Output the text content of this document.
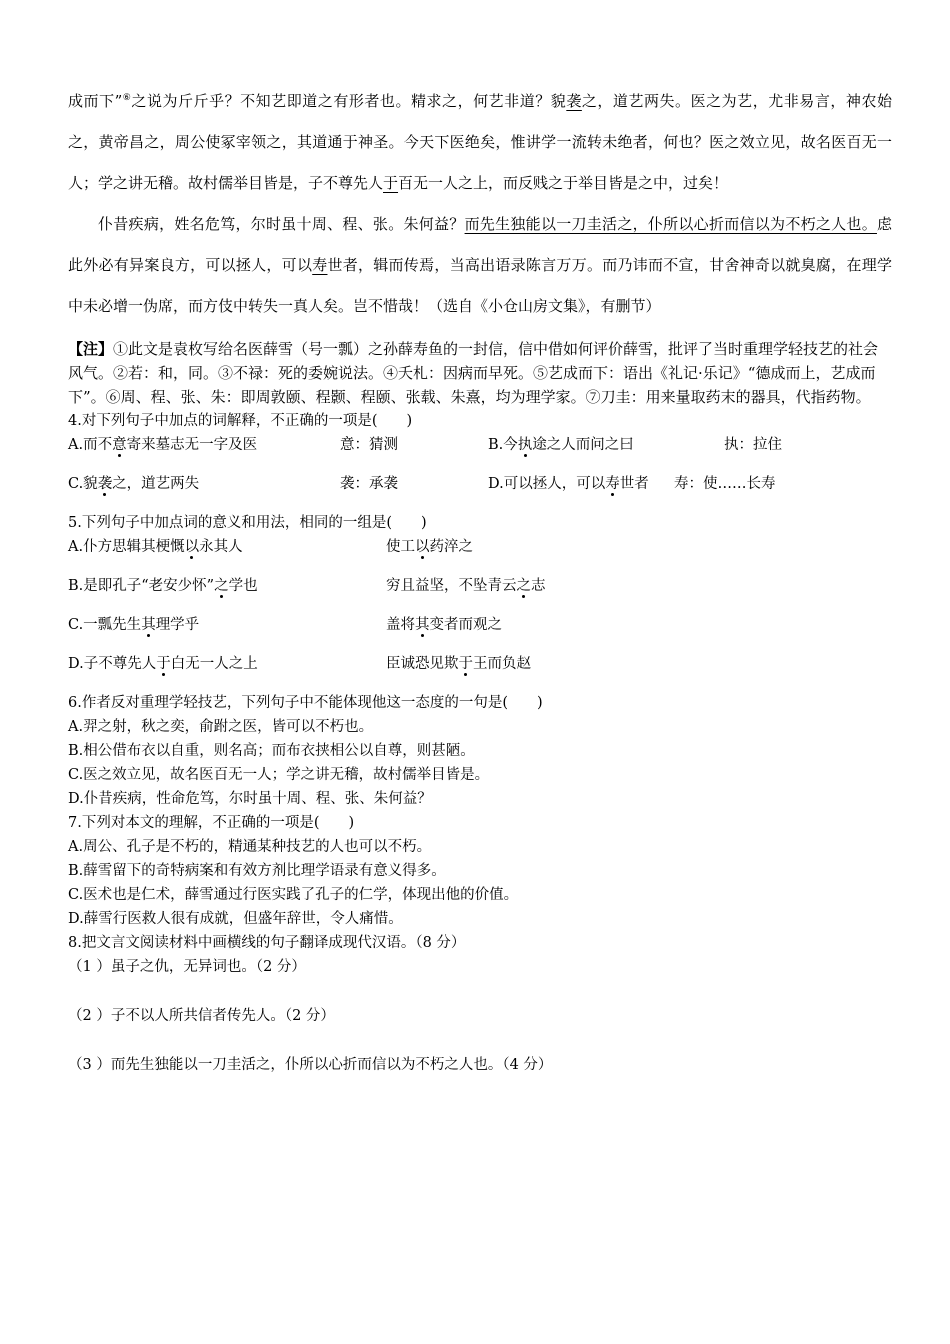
成而下”⑥之说为斤斤乎？不知艺即道之有形者也。精求之，何艺非道？貌袭之，道艺两失。医之为艺，尤非易言，神农始之，黄帝昌之，周公使冢宰领之，其道通于神圣。今天下医绝矣，惟讲学一流转未绝者，何也？医之效立见，故名医百无一人；学之讲无稽。故村儒举目皆是，子不尊先人于百无一人之上，而反贱之于举目皆是之中，过矣！

仆昔疾病，姓名危笃，尔时虽十周、程、张。朱何益？而先生独能以一刀圭活之，仆所以心折而信以为不朽之人也。虑此外必有异案良方，可以拯人，可以寿世者，辑而传焉，当高出语录陈言万万。而乃讳而不宣，甘舍神奇以就臭腐，在理学中未必增一伪席，而方伎中转失一真人矣。岂不惜哉！（选自《小仓山房文集》，有删节）

【注】①此文是袁枚写给名医薛雪（号一瓢）之孙薛寿鱼的一封信，信中借如何评价薛雪，批评了当时重理学轻技艺的社会风气。②若：和，同。③不禄：死的委婉说法。④夭札：因病而早死。⑤艺成而下：语出《礼记·乐记》“德成而上，艺成而下”。⑥周、程、张、朱：即周敦颐、程颢、程颐、张载、朱熹，均为理学家。⑦刀圭：用来量取药末的器具，代指药物。

4.对下列句子中加点的词解释，不正确的一项是(　　)

A.而不意寄来墓志无一字及医	意：猜测	B.今执途之人而问之曰	执：拉住
C.貌袭之，道艺两失	袭：承袭	D.可以拯人，可以寿世者	寿：使……长寿

5.下列句子中加点词的意义和用法，相同的一组是(　　)

A.仆方思辑其梗慨以永其人	使工以药淬之
B.是即孔子“老安少怀”之学也	穷且益坚，不坠青云之志
C.一瓢先生其理学乎	盖将其变者而观之
D.子不尊先人于白无一人之上	臣诚恐见欺于王而负赵

6.作者反对重理学轻技艺，下列句子中不能体现他这一态度的一句是(　　)

A.羿之射，秋之奕，俞跗之医，皆可以不朽也。

B.相公借布衣以自重，则名高；而布衣挟相公以自尊，则甚陋。

C.医之效立见，故名医百无一人；学之讲无稽，故村儒举目皆是。

D.仆昔疾病，性命危笃，尔时虽十周、程、张、朱何益？

7.下列对本文的理解，不正确的一项是(　　)

A.周公、孔子是不朽的，精通某种技艺的人也可以不朽。

B.薛雪留下的奇特病案和有效方剂比理学语录有意义得多。

C.医术也是仁术，薛雪通过行医实践了孔子的仁学，体现出他的价值。

D.薛雪行医救人很有成就，但盛年辞世，令人痛惜。

8.把文言文阅读材料中画横线的句子翻译成现代汉语。（8 分）

（1 ）虽子之仇，无异词也。（2 分）

（2 ）子不以人所共信者传先人。（2 分）

（3 ）而先生独能以一刀圭活之，仆所以心折而信以为不朽之人也。（4 分）
